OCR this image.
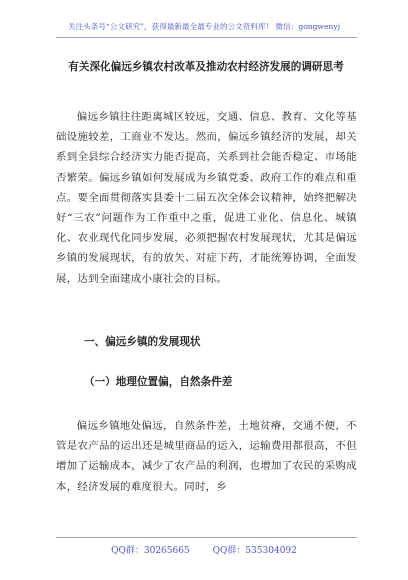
关注头条号“公文研究”，获得最新最全最专业的公文资料库！ 微信：gongwenyj
有关深化偏远乡镇农村改革及推动农村经济发展的调研思考

偏远乡镇往往距离城区较远，交通、信息、教育、文化等基础设施较差，工商业不发达。然而，偏远乡镇经济的发展，却关系到全县综合经济实力能否提高，关系到社会能否稳定、市场能否繁荣。偏远乡镇如何发展成为乡镇党委、政府工作的难点和重点。要全面贯彻落实县委十二届五次全体会议精神，始终把解决好“三农”问题作为工作重中之重，促进工业化、信息化、城镇化、农业现代化同步发展，必须把握农村发展现状，尤其是偏远乡镇的发展现状，有的放矢、对症下药，才能统筹协调，全面发展，达到全面建成小康社会的目标。

一、偏远乡镇的发展现状
（一）地理位置偏，自然条件差

偏远乡镇地处偏远，自然条件差，土地贫瘠，交通不便，不管是农产品的运出还是城里商品的运入，运输费用都很高，不但增加了运输成本，减少了农产品的利润，也增加了农民的采购成本，经济发展的难度很大。同时，乡

QQ群：30265665	QQ群：535304092
